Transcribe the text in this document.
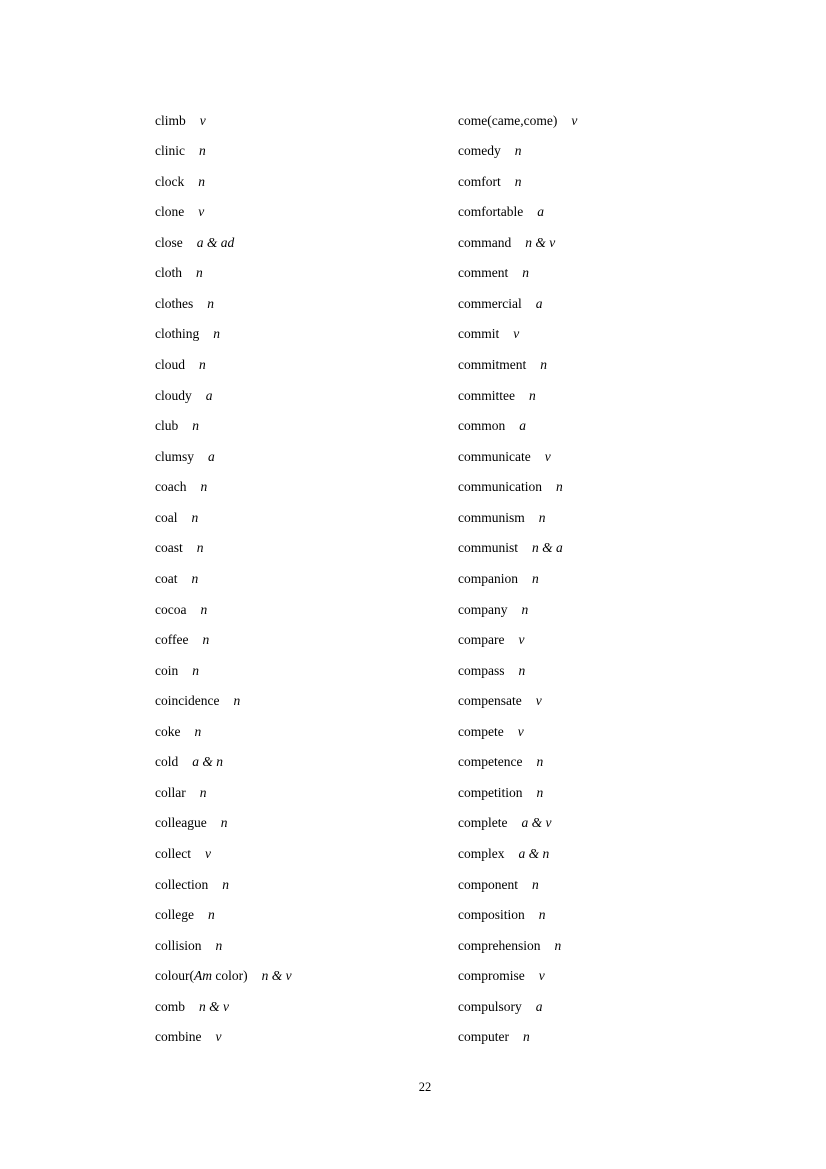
climb v
clinic n
clock n
clone v
close a & ad
cloth n
clothes n
clothing n
cloud n
cloudy a
club n
clumsy a
coach n
coal n
coast n
coat n
cocoa n
coffee n
coin n
coincidence n
coke n
cold a & n
collar n
colleague n
collect v
collection n
college n
collision n
colour(Am color) n & v
comb n & v
combine v
come(came,come) v
comedy n
comfort n
comfortable a
command n & v
comment n
commercial a
commit v
commitment n
committee n
common a
communicate v
communication n
communism n
communist n & a
companion n
company n
compare v
compass n
compensate v
compete v
competence n
competition n
complete a & v
complex a & n
component n
composition n
comprehension n
compromise v
compulsory a
computer n
22
